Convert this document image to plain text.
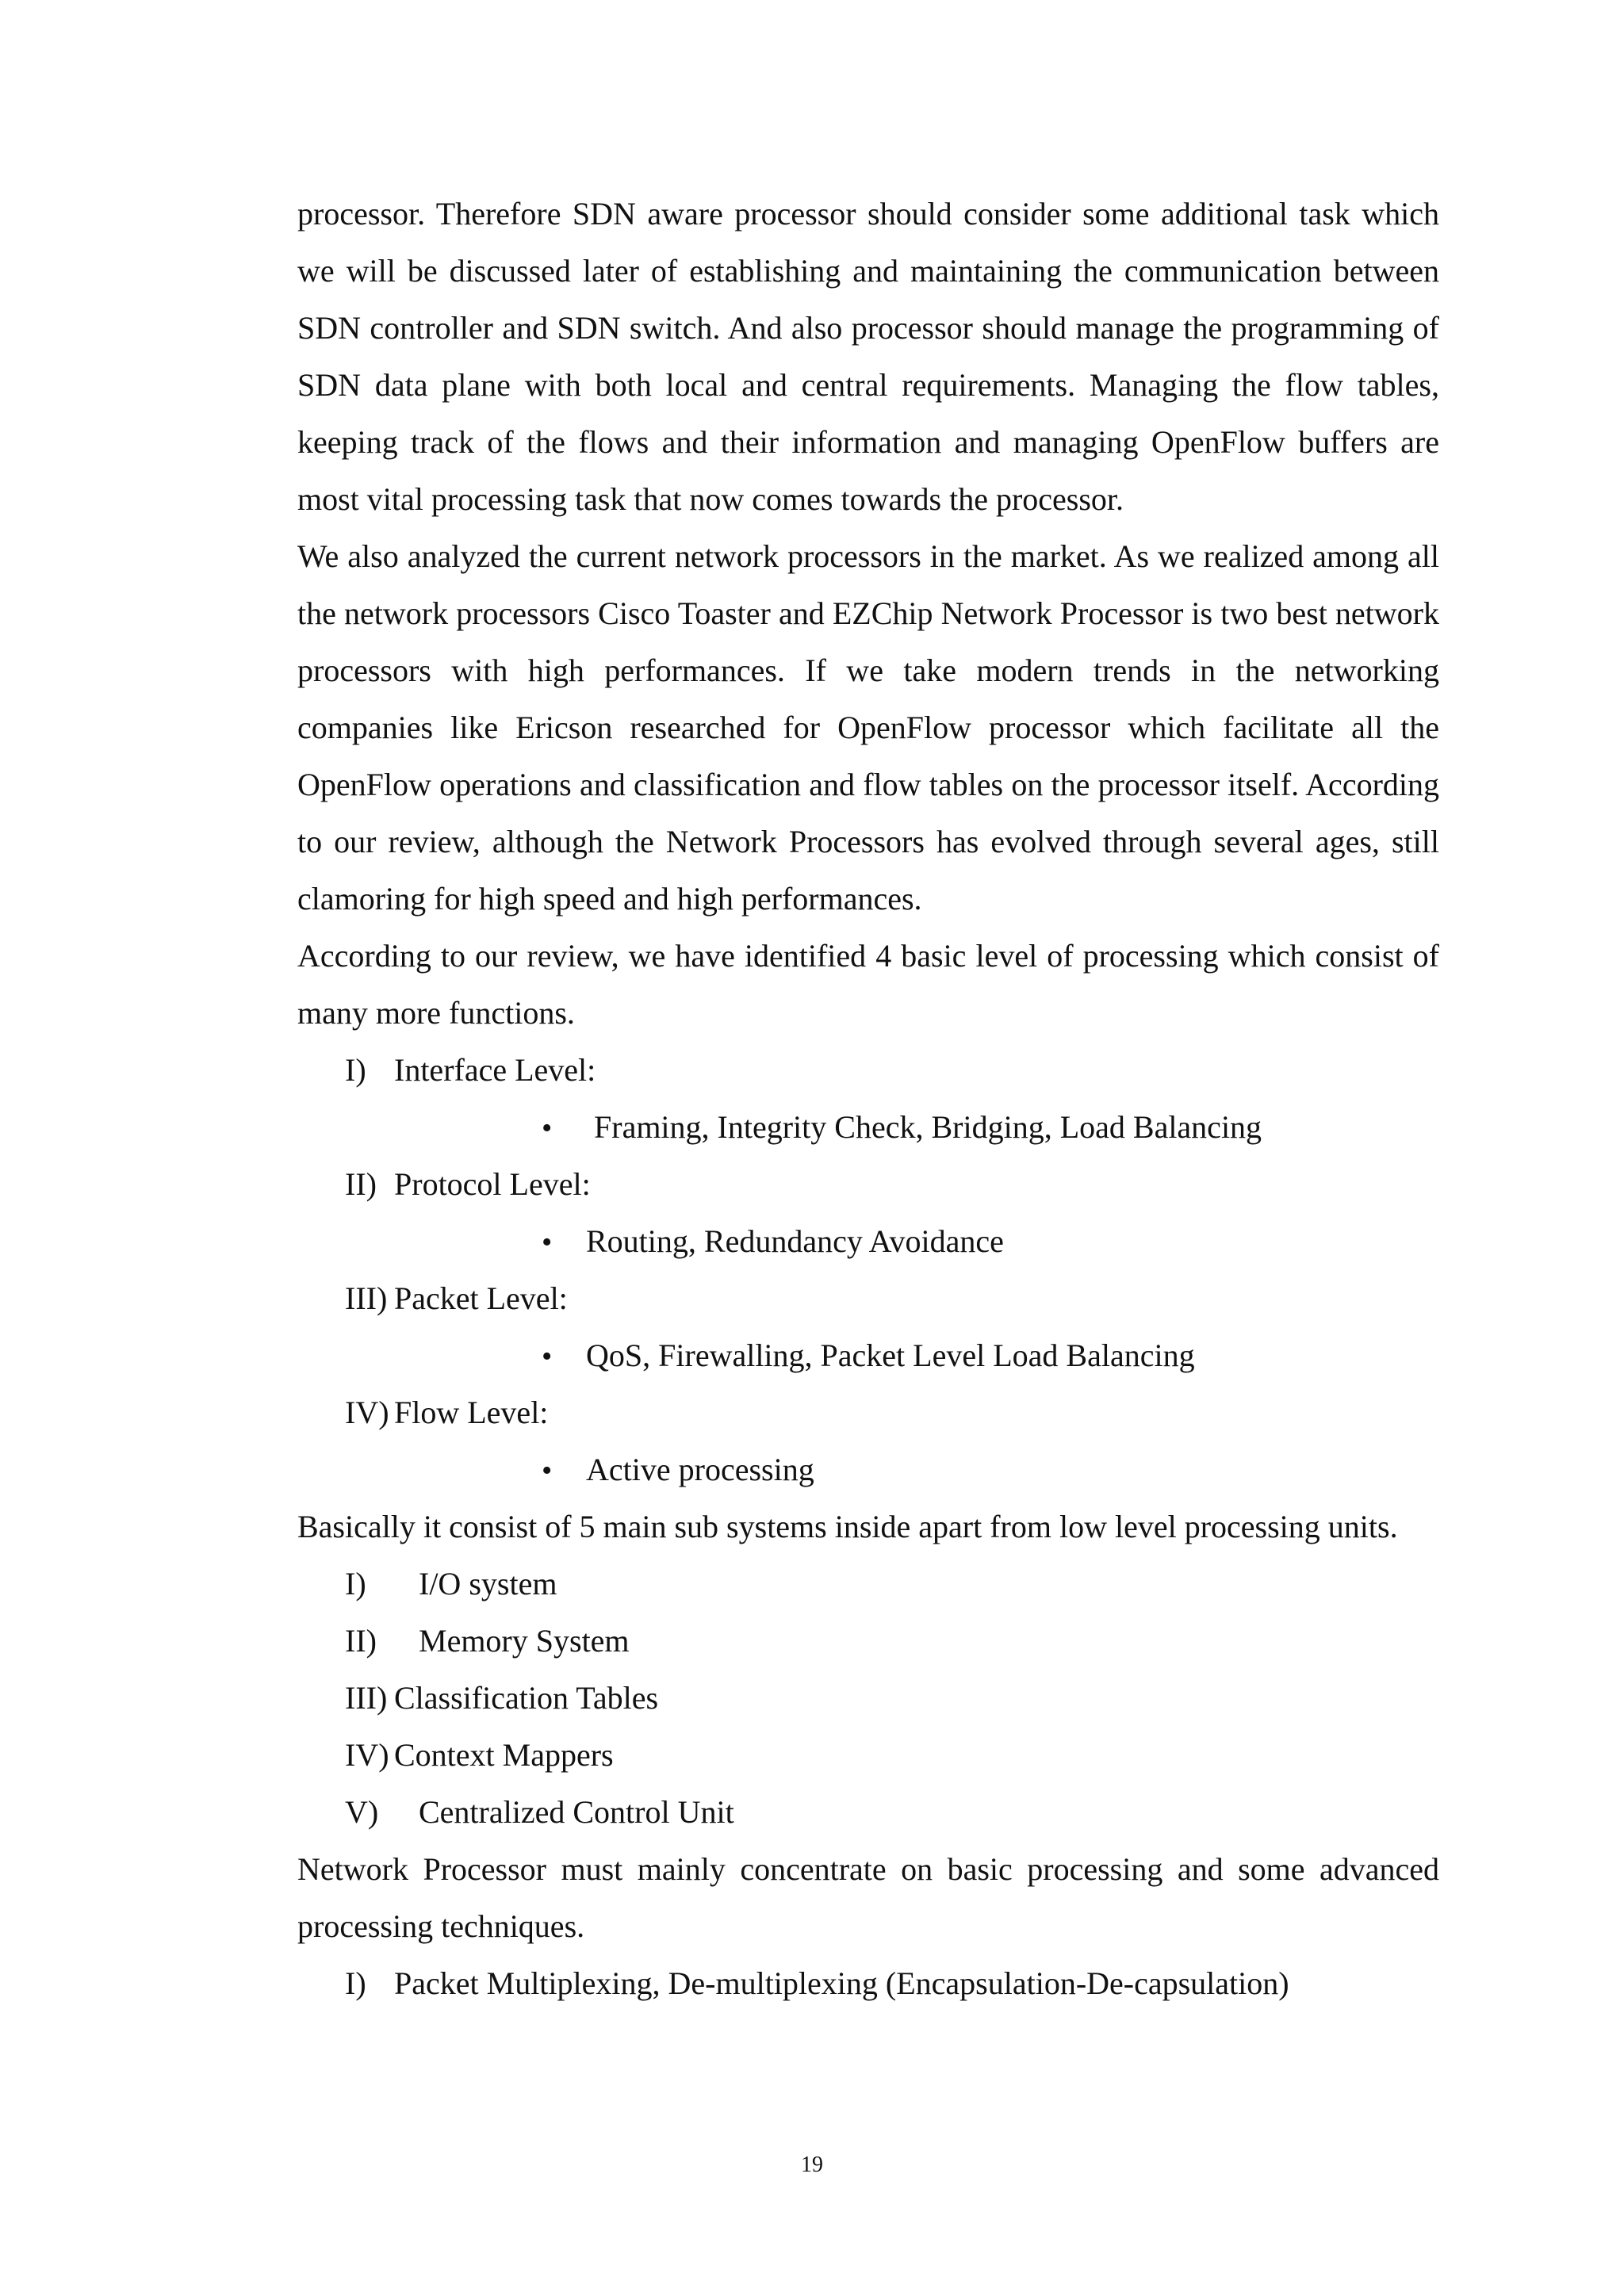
processor. Therefore SDN aware processor should consider some additional task which we will be discussed later of establishing and maintaining the communication between SDN controller and SDN switch. And also processor should manage the programming of SDN data plane with both local and central requirements. Managing the flow tables, keeping track of the flows and their information and managing OpenFlow buffers are most vital processing task that now comes towards the processor.

We also analyzed the current network processors in the market. As we realized among all the network processors Cisco Toaster and EZChip Network Processor is two best network processors with high performances. If we take modern trends in the networking companies like Ericson researched for OpenFlow processor which facilitate all the OpenFlow operations and classification and flow tables on the processor itself. According to our review, although the Network Processors has evolved through several ages, still clamoring for high speed and high performances.

According to our review, we have identified 4 basic level of processing which consist of many more functions.

I) Interface Level:
•	Framing, Integrity Check, Bridging, Load Balancing
II) Protocol Level:
•	Routing, Redundancy Avoidance
III) Packet Level:
•	QoS, Firewalling, Packet Level Load Balancing
IV) Flow Level:
•	Active processing

Basically it consist of 5 main sub systems inside apart from low level processing units.

I)	I/O system
II)	Memory System
III) Classification Tables
IV) Context Mappers
V)	Centralized Control Unit

Network Processor must mainly concentrate on basic processing and some advanced processing techniques.

I) Packet Multiplexing, De-multiplexing (Encapsulation-De-capsulation)
19
